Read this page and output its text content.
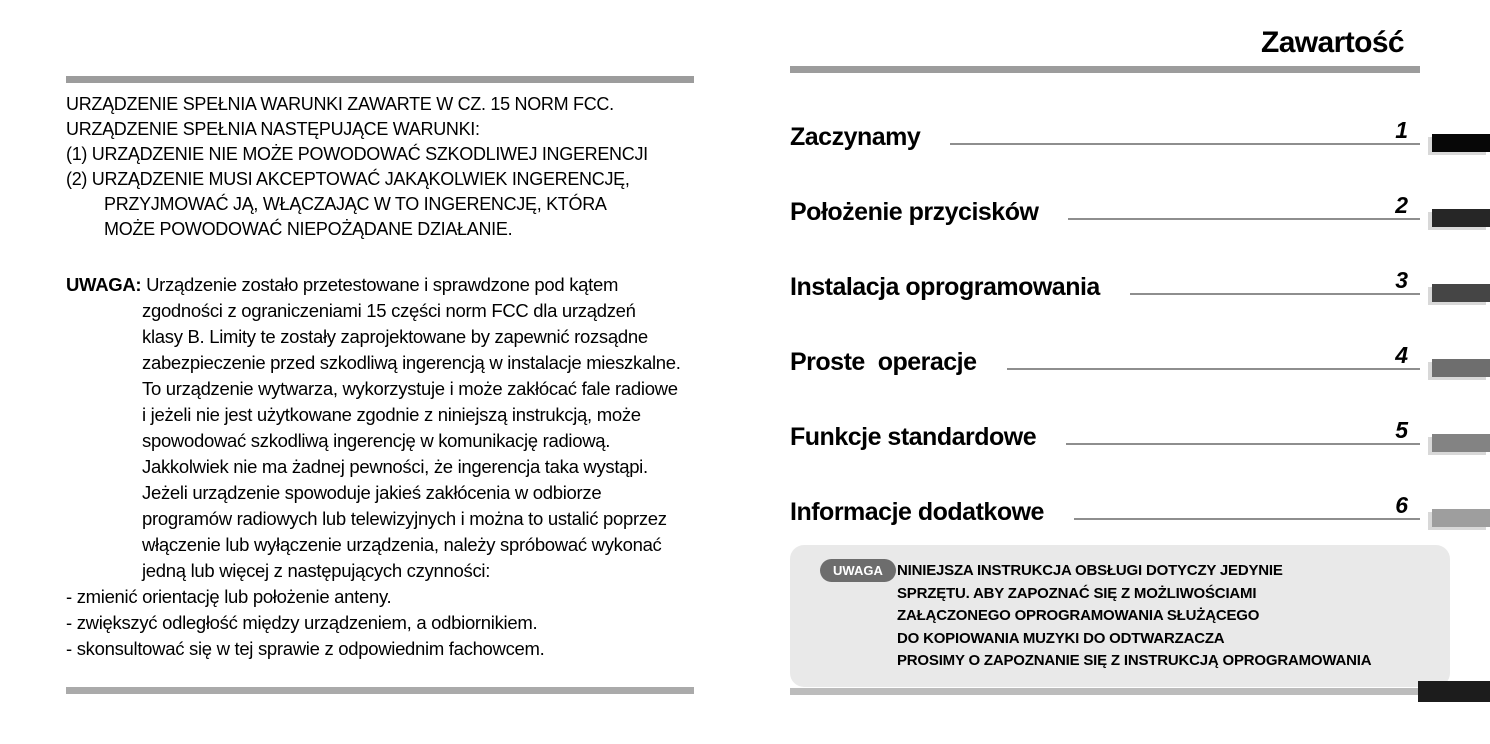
URZĄDZENIE SPEŁNIA WARUNKI ZAWARTE W CZ. 15 NORM FCC.
URZĄDZENIE SPEŁNIA NASTĘPUJĄCE WARUNKI:
(1) URZĄDZENIE NIE MOŻE POWODOWAĆ SZKODLIWEJ INGERENCJI
(2) URZĄDZENIE MUSI AKCEPTOWAĆ JAKĄKOLWIEK INGERENCJĘ,
PRZYJMOWAĆ JĄ, WŁĄCZAJĄC W TO INGERENCJĘ, KTÓRA
MOŻE POWODOWAĆ NIEPOŻĄDANE DZIAŁANIE.
UWAGA: Urządzenie zostało przetestowane i sprawdzone pod kątem
zgodności z ograniczeniami 15 części norm FCC dla urządzeń
klasy B. Limity te zostały zaprojektowane by zapewnić rozsądne
zabezpieczenie przed szkodliwą ingerencją w instalacje mieszkalne.
To urządzenie wytwarza, wykorzystuje i może zakłócać fale radiowe
i jeżeli nie jest użytkowane zgodnie z niniejszą instrukcją, może
spowodować szkodliwą ingerencję w komunikację radiową.
Jakkolwiek nie ma żadnej pewności, że ingerencja taka wystąpi.
Jeżeli urządzenie spowoduje jakieś zakłócenia w odbiorze
programów radiowych lub telewizyjnych i można to ustalić poprzez
włączenie lub wyłączenie urządzenia, należy spróbować wykonać
jedną lub więcej z następujących czynności:
- zmienić orientację lub położenie anteny.
- zwiększyć odległość między urządzeniem, a odbiornikiem.
- skonsultować się w tej sprawie z odpowiednim fachowcem.
Zawartość
Zaczynamy	1
Położenie przycisków	2
Instalacja oprogramowania	3
Proste  operacje	4
Funkcje standardowe	5
Informacje dodatkowe	6
UWAGA NINIEJSZA INSTRUKCJA OBSŁUGI DOTYCZY JEDYNIE
SPRZĘTU. ABY ZAPOZNAĆ SIĘ Z MOŻLIWOŚCIAMI
ZAŁĄCZONEGO OPROGRAMOWANIA SŁUŻĄCEGO
DO KOPIOWANIA MUZYKI DO ODTWARZACZA
PROSIMY O ZAPOZNANIE SIĘ Z INSTRUKCJĄ OPROGRAMOWANIA
